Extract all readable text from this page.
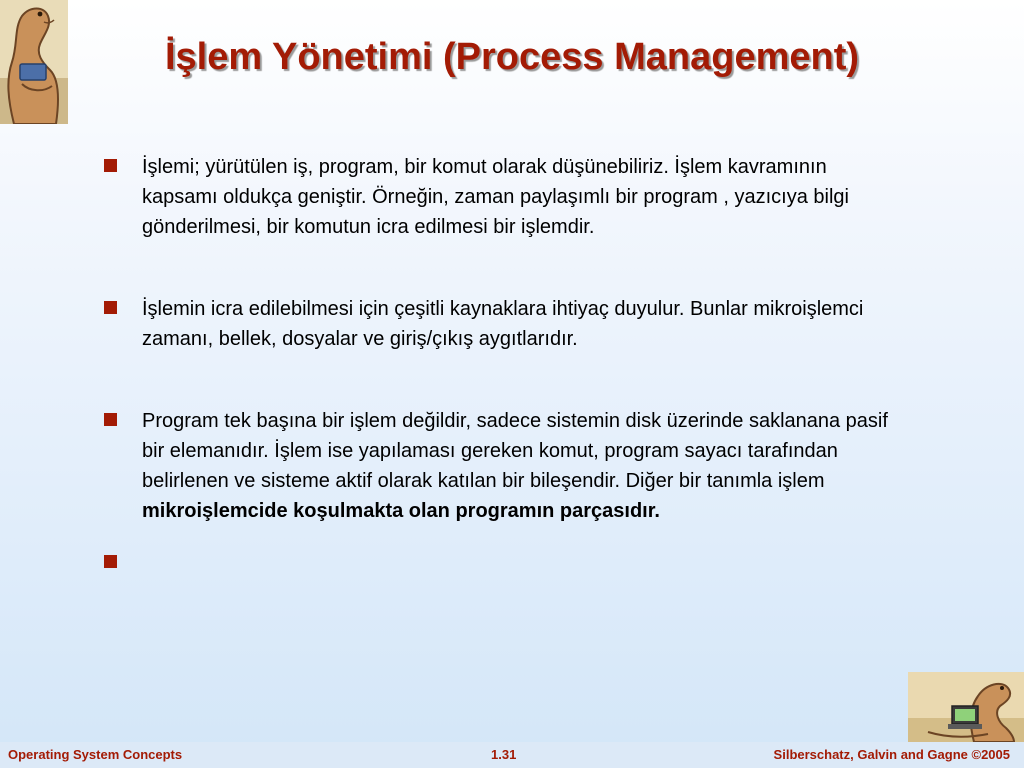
İşlem Yönetimi (Process Management)
İşlemi; yürütülen iş, program, bir komut olarak düşünebiliriz. İşlem kavramının kapsamı oldukça geniştir. Örneğin, zaman paylaşımlı bir program , yazıcıya bilgi gönderilmesi, bir komutun icra edilmesi bir işlemdir.
İşlemin icra edilebilmesi için çeşitli kaynaklara ihtiyaç duyulur. Bunlar mikroişlemci zamanı, bellek, dosyalar ve giriş/çıkış aygıtlarıdır.
Program tek başına bir işlem değildir, sadece sistemin disk üzerinde saklanana pasif bir elemanıdır. İşlem ise yapılaması gereken komut, program sayacı tarafından belirlenen ve sisteme aktif olarak katılan bir bileşendir. Diğer bir tanımla işlem
mikroişlemcide koşulmakta olan programın parçasıdır.

Operating System Concepts	1.31	Silberschatz, Galvin and Gagne ©2005
